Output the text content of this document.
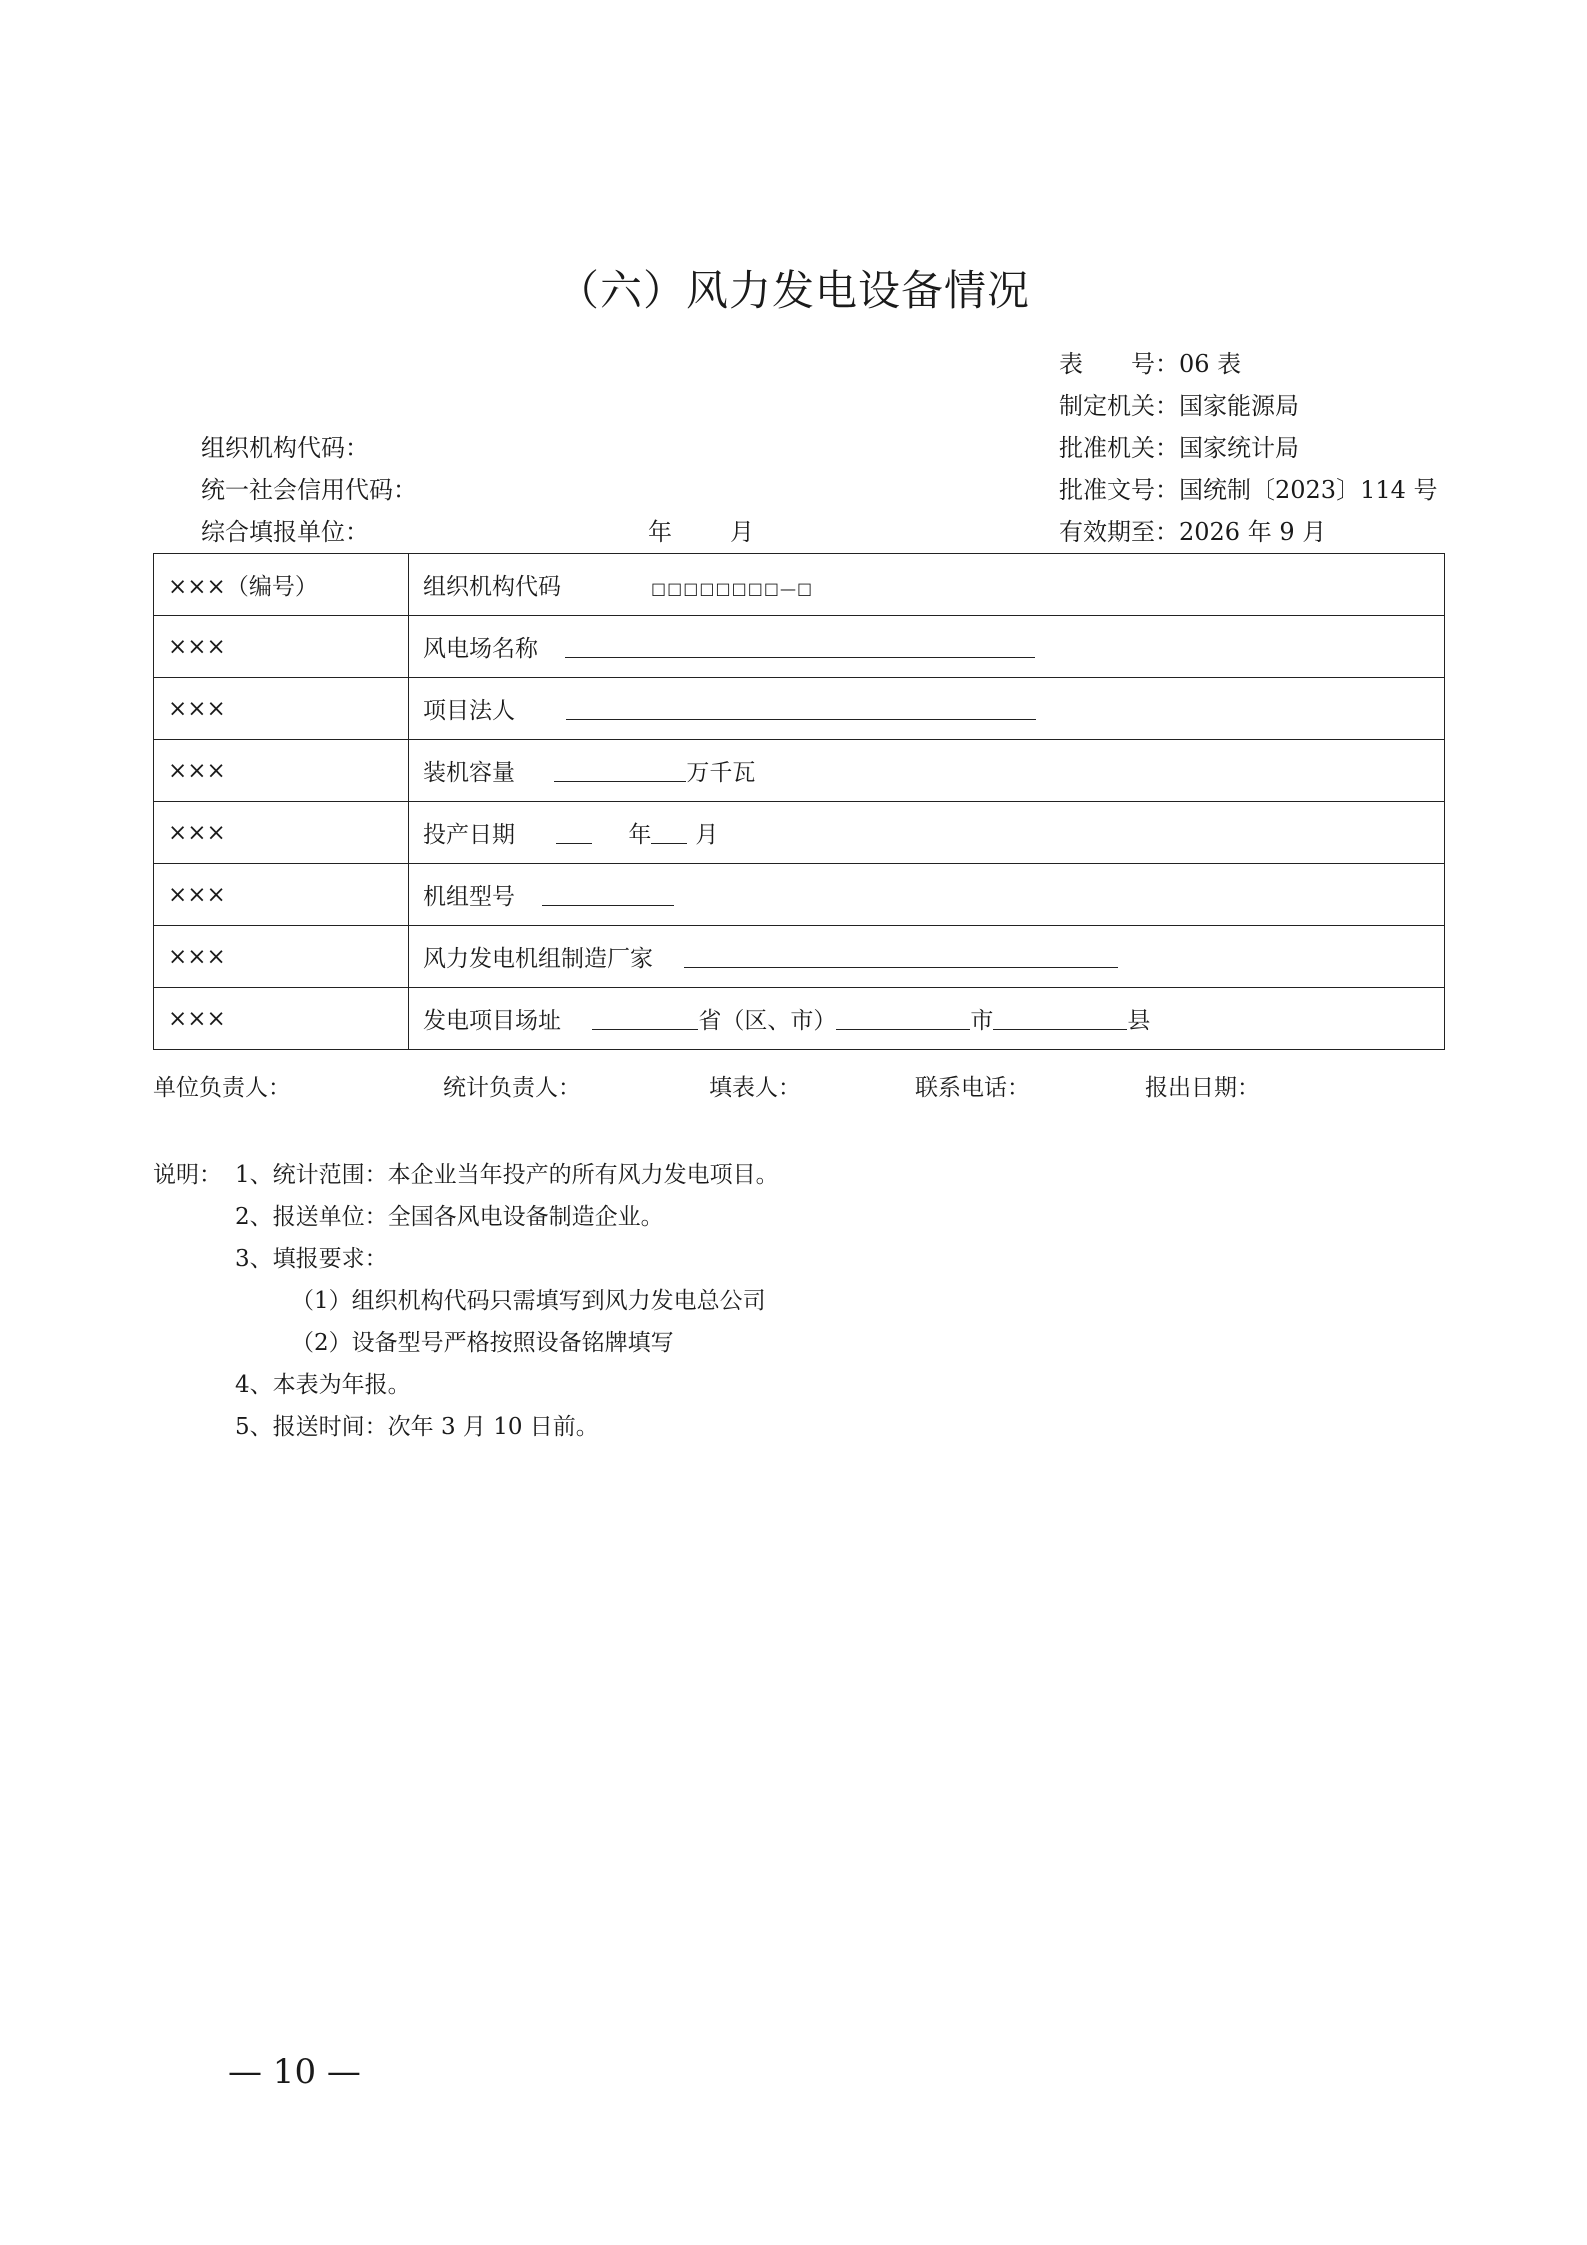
（六）风力发电设备情况
表　　号：06 表
制定机关：国家能源局
批准机关：国家统计局
批准文号：国统制〔2023〕114 号
有效期至：2026 年 9 月
组织机构代码：
统一社会信用代码：
综合填报单位：	年 月
×××（编号）	组织机构代码 □□□□□□□□—□
×××	风电场名称
×××	项目法人
×××	装机容量 万千瓦
×××	投产日期 年 月
×××	机组型号
×××	风力发电机组制造厂家
×××	发电项目场址 省（区、市） 市 县
单位负责人：	统计负责人：	填表人：	联系电话：	报出日期：
说明： 1、统计范围：本企业当年投产的所有风力发电项目。
2、报送单位：全国各风电设备制造企业。
3、填报要求：
（1）组织机构代码只需填写到风力发电总公司
（2）设备型号严格按照设备铭牌填写
4、本表为年报。
5、报送时间：次年 3 月 10 日前。
— 10 —
